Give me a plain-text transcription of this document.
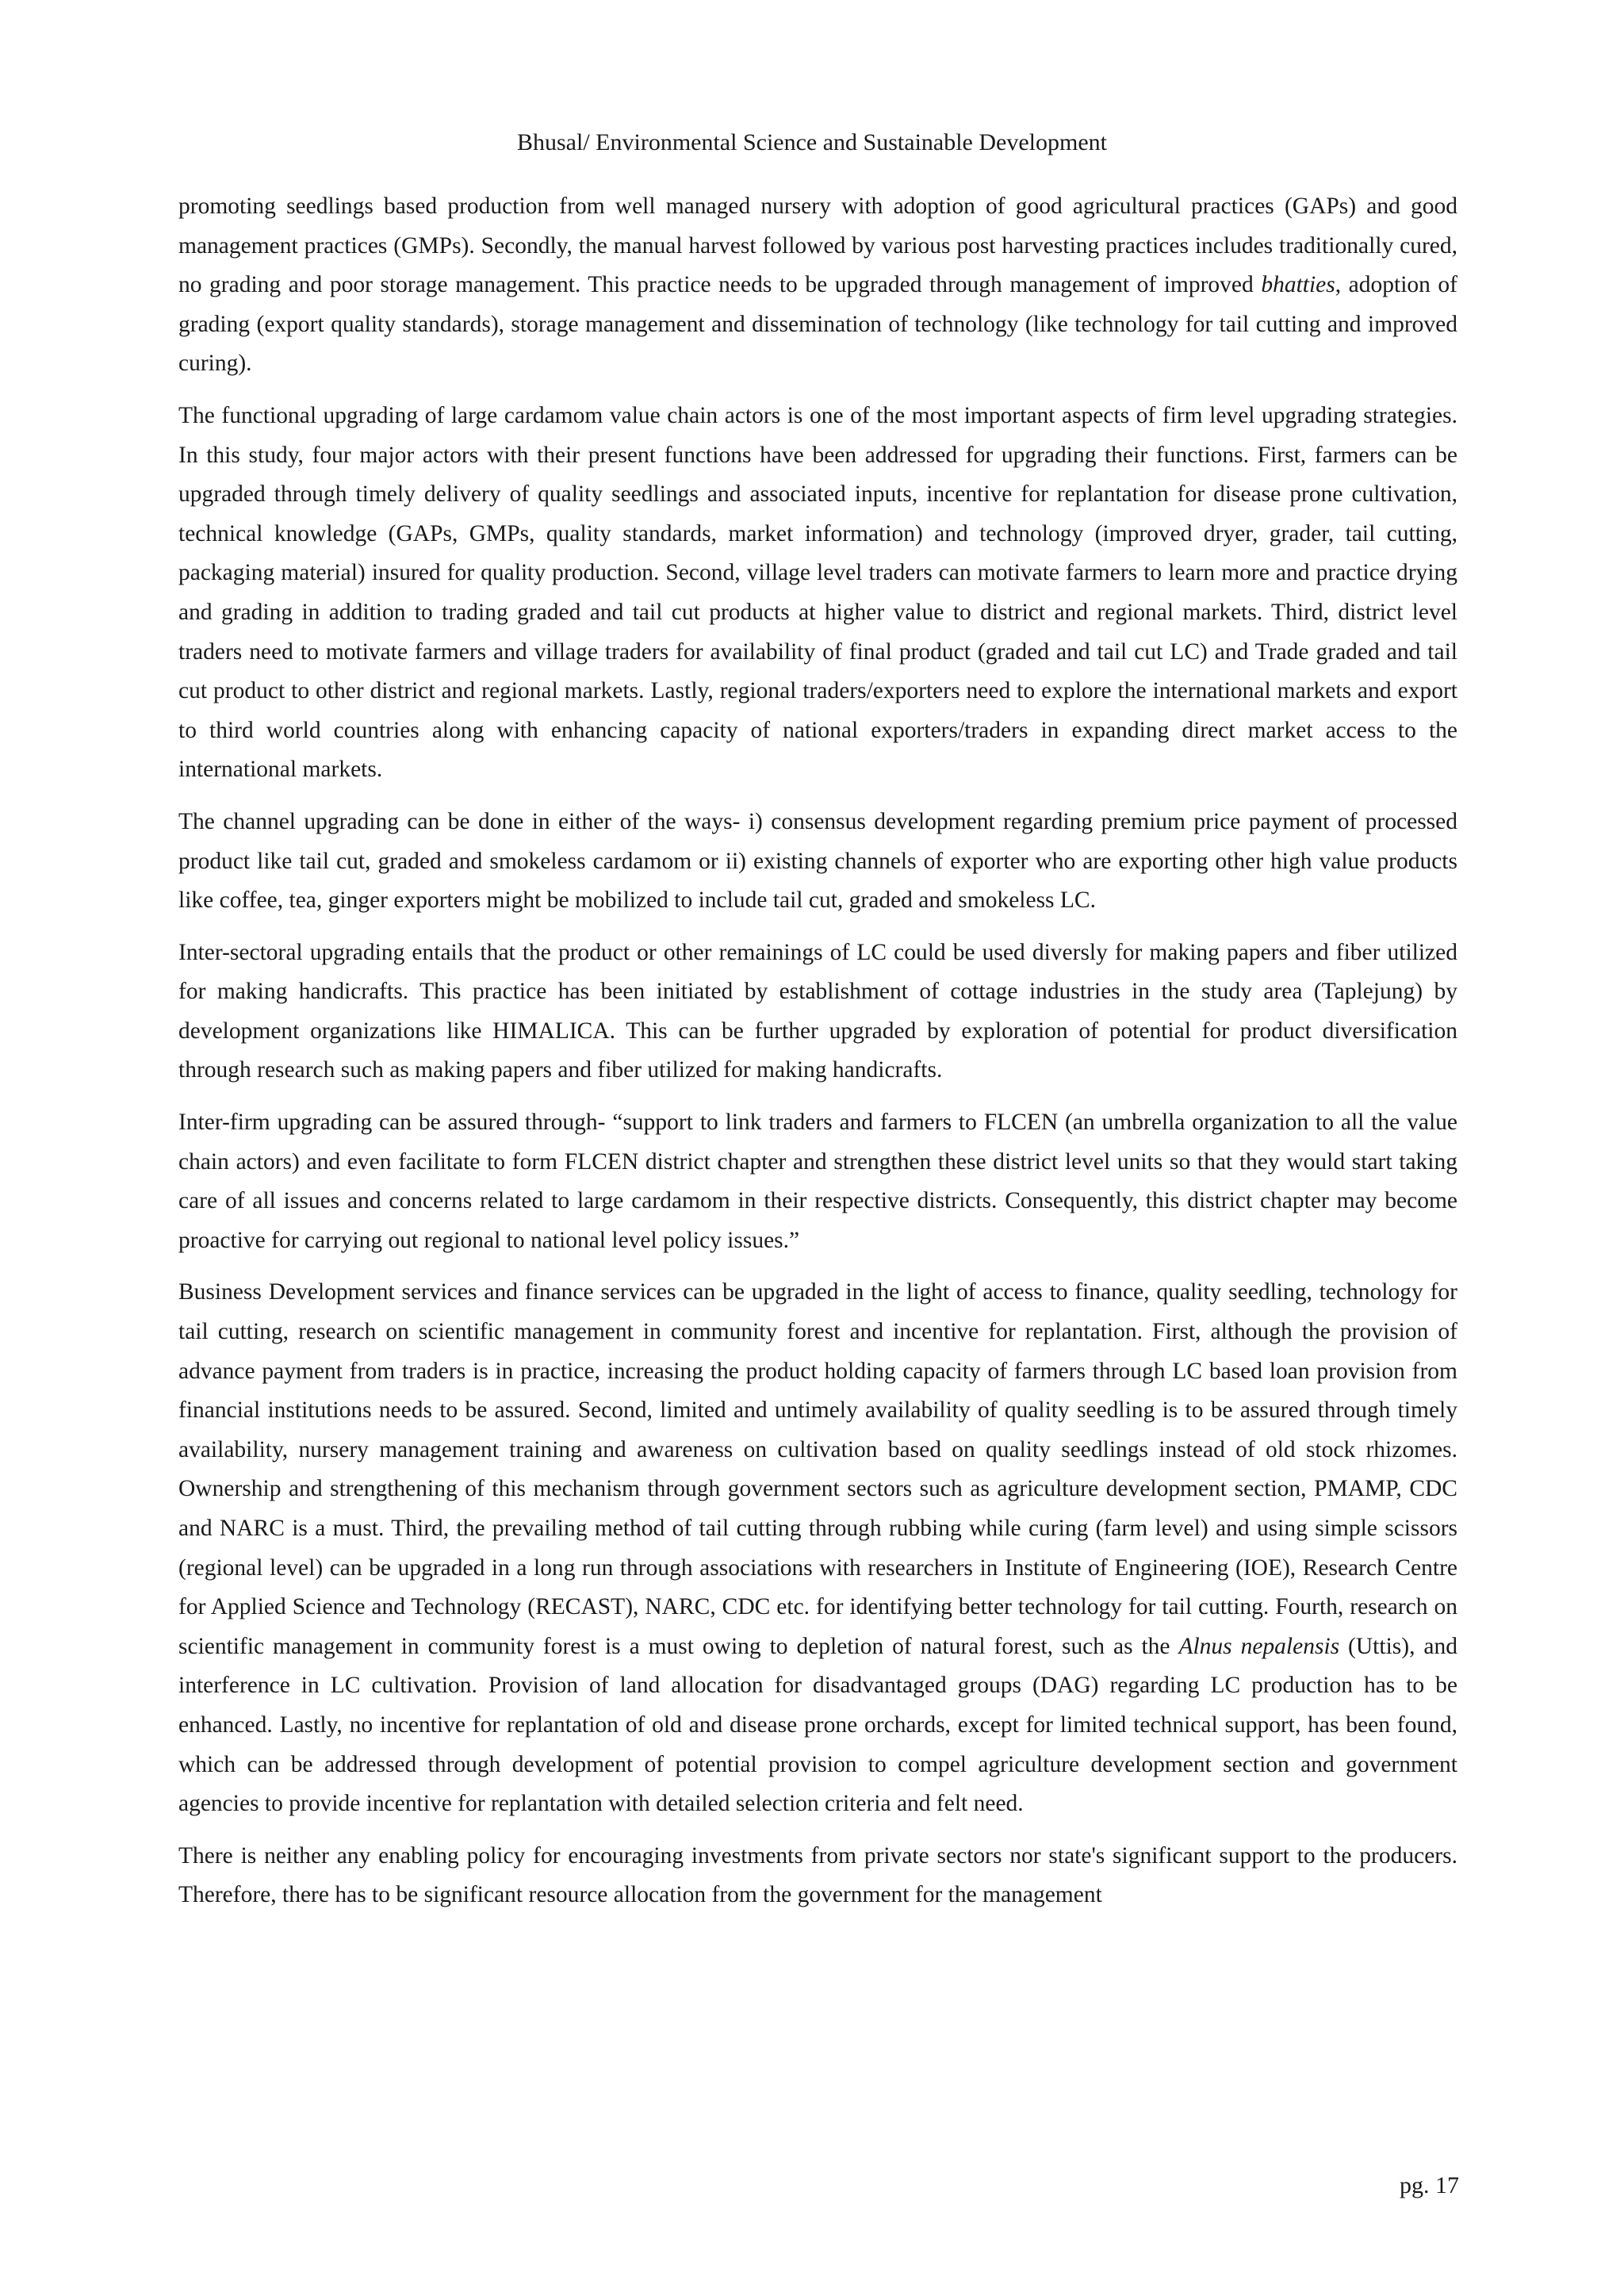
Bhusal/ Environmental Science and Sustainable Development

promoting seedlings based production from well managed nursery with adoption of good agricultural practices (GAPs) and good management practices (GMPs). Secondly, the manual harvest followed by various post harvesting practices includes traditionally cured, no grading and poor storage management. This practice needs to be upgraded through management of improved bhatties, adoption of grading (export quality standards), storage management and dissemination of technology (like technology for tail cutting and improved curing).

The functional upgrading of large cardamom value chain actors is one of the most important aspects of firm level upgrading strategies. In this study, four major actors with their present functions have been addressed for upgrading their functions. First, farmers can be upgraded through timely delivery of quality seedlings and associated inputs, incentive for replantation for disease prone cultivation, technical knowledge (GAPs, GMPs, quality standards, market information) and technology (improved dryer, grader, tail cutting, packaging material) insured for quality production. Second, village level traders can motivate farmers to learn more and practice drying and grading in addition to trading graded and tail cut products at higher value to district and regional markets. Third, district level traders need to motivate farmers and village traders for availability of final product (graded and tail cut LC) and Trade graded and tail cut product to other district and regional markets. Lastly, regional traders/exporters need to explore the international markets and export to third world countries along with enhancing capacity of national exporters/traders in expanding direct market access to the international markets.

The channel upgrading can be done in either of the ways- i) consensus development regarding premium price payment of processed product like tail cut, graded and smokeless cardamom or ii) existing channels of exporter who are exporting other high value products like coffee, tea, ginger exporters might be mobilized to include tail cut, graded and smokeless LC.

Inter-sectoral upgrading entails that the product or other remainings of LC could be used diversly for making papers and fiber utilized for making handicrafts. This practice has been initiated by establishment of cottage industries in the study area (Taplejung) by development organizations like HIMALICA. This can be further upgraded by exploration of potential for product diversification through research such as making papers and fiber utilized for making handicrafts.

Inter-firm upgrading can be assured through- “support to link traders and farmers to FLCEN (an umbrella organization to all the value chain actors) and even facilitate to form FLCEN district chapter and strengthen these district level units so that they would start taking care of all issues and concerns related to large cardamom in their respective districts. Consequently, this district chapter may become proactive for carrying out regional to national level policy issues.”

Business Development services and finance services can be upgraded in the light of access to finance, quality seedling, technology for tail cutting, research on scientific management in community forest and incentive for replantation. First, although the provision of advance payment from traders is in practice, increasing the product holding capacity of farmers through LC based loan provision from financial institutions needs to be assured. Second, limited and untimely availability of quality seedling is to be assured through timely availability, nursery management training and awareness on cultivation based on quality seedlings instead of old stock rhizomes. Ownership and strengthening of this mechanism through government sectors such as agriculture development section, PMAMP, CDC and NARC is a must. Third, the prevailing method of tail cutting through rubbing while curing (farm level) and using simple scissors (regional level) can be upgraded in a long run through associations with researchers in Institute of Engineering (IOE), Research Centre for Applied Science and Technology (RECAST), NARC, CDC etc. for identifying better technology for tail cutting. Fourth, research on scientific management in community forest is a must owing to depletion of natural forest, such as the Alnus nepalensis (Uttis), and interference in LC cultivation. Provision of land allocation for disadvantaged groups (DAG) regarding LC production has to be enhanced. Lastly, no incentive for replantation of old and disease prone orchards, except for limited technical support, has been found, which can be addressed through development of potential provision to compel agriculture development section and government agencies to provide incentive for replantation with detailed selection criteria and felt need.

There is neither any enabling policy for encouraging investments from private sectors nor state's significant support to the producers. Therefore, there has to be significant resource allocation from the government for the management

pg. 17
